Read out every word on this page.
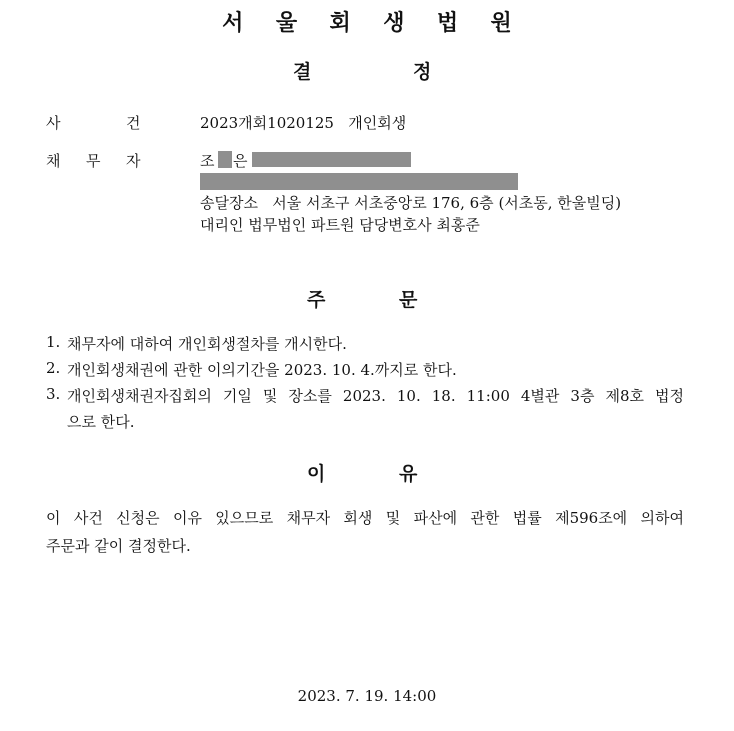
서 울 회 생 법 원
결	정
사	건	2023개회1020125   개인회생
채 무 자	조 은
송달장소   서울 서초구 서초중앙로 176, 6층 (서초동, 한울빌딩)
대리인 법무법인 파트원 담당변호사 최홍준
주	문
1. 채무자에 대하여 개인회생절차를 개시한다.
2. 개인회생채권에 관한 이의기간을 2023. 10. 4.까지로 한다.
3. 개인회생채권자집회의 기일 및 장소를 2023. 10. 18. 11:00 4별관 3층 제8호 법정
으로 한다.
이	유
이 사건 신청은 이유 있으므로 채무자 회생 및 파산에 관한 법률 제596조에 의하여
주문과 같이 결정한다.
2023. 7. 19. 14:00
